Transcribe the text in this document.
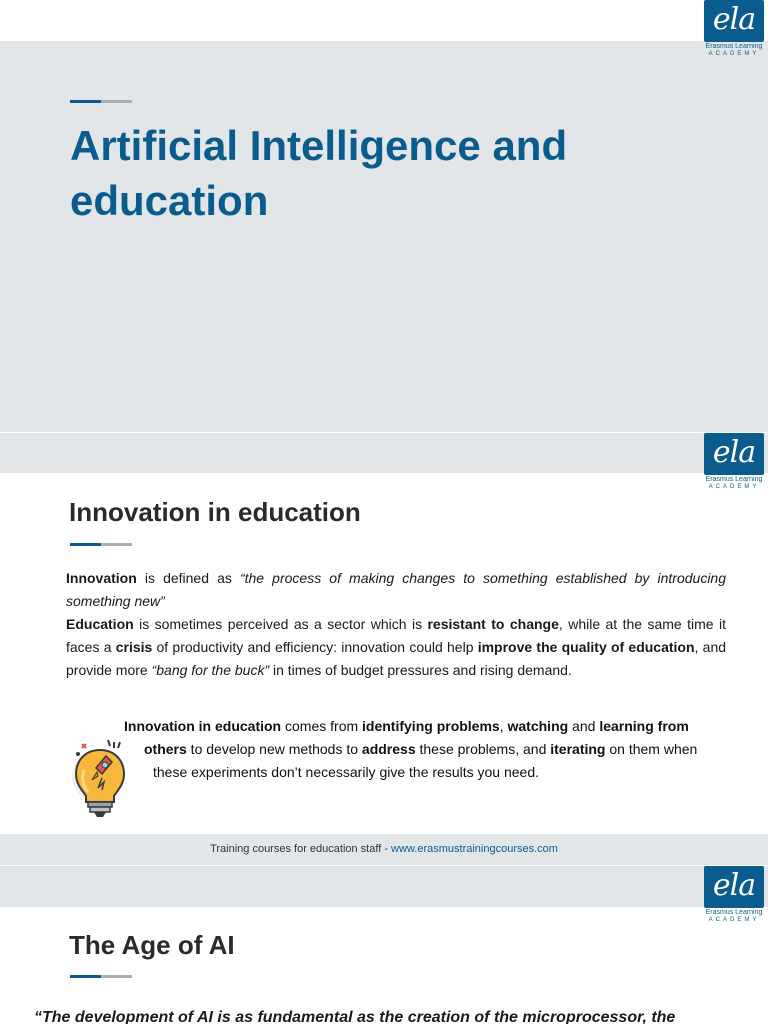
ela
Erasmus Learning
ACADEMY
Artificial Intelligence and education
ela
Erasmus Learning
ACADEMY
Innovation in education
Innovation is defined as “the process of making changes to something established by introducing something new”
Education is sometimes perceived as a sector which is resistant to change, while at the same time it faces a crisis of productivity and efficiency: innovation could help improve the quality of education, and provide more “bang for the buck” in times of budget pressures and rising demand.
Innovation in education comes from identifying problems, watching and learning from
others to develop new methods to address these problems, and iterating on them when
these experiments don’t necessarily give the results you need.
Training courses for education staff - www.erasmustrainingcourses.com
ela
Erasmus Learning
ACADEMY
The Age of AI
“The development of AI is as fundamental as the creation of the microprocessor, the
